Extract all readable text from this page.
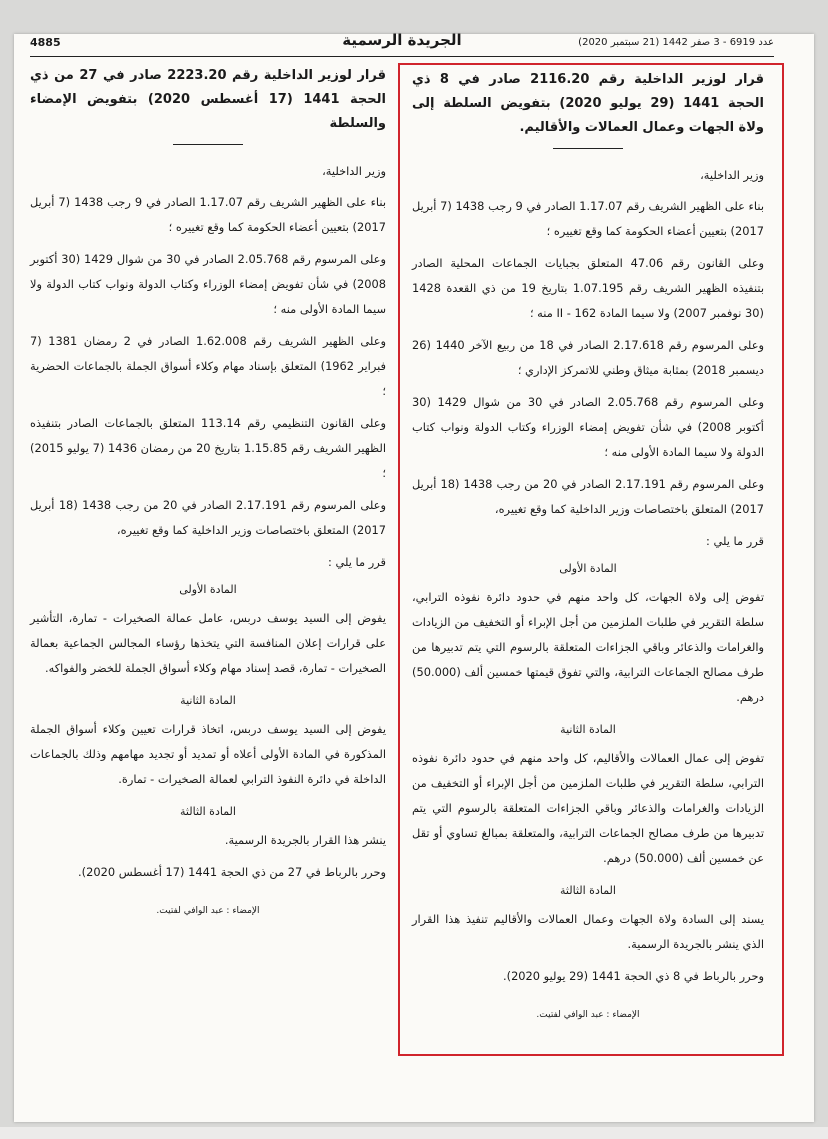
4885	الجريدة الرسمية	عدد 6919 - 3 صفر 1442 (21 سبتمبر 2020)
قرار لوزير الداخلية رقم 2116.20 صادر في 8 ذي الحجة 1441 (29 يوليو 2020) بتفويض السلطة إلى ولاة الجهات وعمال العمالات والأقاليم.

وزير الداخلية،

بناء على الظهير الشريف رقم 1.17.07 الصادر في 9 رجب 1438 (7 أبريل 2017) بتعيين أعضاء الحكومة كما وقع تغييره ؛

وعلى القانون رقم 47.06 المتعلق بجبايات الجماعات المحلية الصادر بتنفيذه الظهير الشريف رقم 1.07.195 بتاريخ 19 من ذي القعدة 1428 (30 نوفمبر 2007) ولا سيما المادة 162 - II منه ؛

وعلى المرسوم رقم 2.17.618 الصادر في 18 من ربيع الآخر 1440 (26 ديسمبر 2018) بمثابة ميثاق وطني للاتمركز الإداري ؛

وعلى المرسوم رقم 2.05.768 الصادر في 30 من شوال 1429 (30 أكتوبر 2008) في شأن تفويض إمضاء الوزراء وكتاب الدولة ونواب كتاب الدولة ولا سيما المادة الأولى منه ؛

وعلى المرسوم رقم 2.17.191 الصادر في 20 من رجب 1438 (18 أبريل 2017) المتعلق باختصاصات وزير الداخلية كما وقع تغييره،

قرر ما يلي :

المادة الأولى

تفوض إلى ولاة الجهات، كل واحد منهم في حدود دائرة نفوذه الترابي، سلطة التقرير في طلبات الملزمين من أجل الإبراء أو التخفيف من الزيادات والغرامات والذعائر وباقي الجزاءات المتعلقة بالرسوم التي يتم تدبيرها من طرف مصالح الجماعات الترابية، والتي تفوق قيمتها خمسين ألف (50.000) درهم.

المادة الثانية

تفوض إلى عمال العمالات والأقاليم، كل واحد منهم في حدود دائرة نفوذه الترابي، سلطة التقرير في طلبات الملزمين من أجل الإبراء أو التخفيف من الزيادات والغرامات والذعائر وباقي الجزاءات المتعلقة بالرسوم التي يتم تدبيرها من طرف مصالح الجماعات الترابية، والمتعلقة بمبالغ تساوي أو تقل عن خمسين ألف (50.000) درهم.

المادة الثالثة

يسند إلى السادة ولاة الجهات وعمال العمالات والأقاليم تنفيذ هذا القرار الذي ينشر بالجريدة الرسمية.

وحرر بالرباط في 8 ذي الحجة 1441 (29 يوليو 2020).

الإمضاء : عبد الوافي لفتيت.
قرار لوزير الداخلية رقم 2223.20 صادر في 27 من ذي الحجة 1441 (17 أغسطس 2020) بتفويض الإمضاء والسلطة

وزير الداخلية،

بناء على الظهير الشريف رقم 1.17.07 الصادر في 9 رجب 1438 (7 أبريل 2017) بتعيين أعضاء الحكومة كما وقع تغييره ؛

وعلى المرسوم رقم 2.05.768 الصادر في 30 من شوال 1429 (30 أكتوبر 2008) في شأن تفويض إمضاء الوزراء وكتاب الدولة ونواب كتاب الدولة ولا سيما المادة الأولى منه ؛

وعلى الظهير الشريف رقم 1.62.008 الصادر في 2 رمضان 1381 (7 فبراير 1962) المتعلق بإسناد مهام وكلاء أسواق الجملة بالجماعات الحضرية ؛

وعلى القانون التنظيمي رقم 113.14 المتعلق بالجماعات الصادر بتنفيذه الظهير الشريف رقم 1.15.85 بتاريخ 20 من رمضان 1436 (7 يوليو 2015) ؛

وعلى المرسوم رقم 2.17.191 الصادر في 20 من رجب 1438 (18 أبريل 2017) المتعلق باختصاصات وزير الداخلية كما وقع تغييره،

قرر ما يلي :

المادة الأولى

يفوض إلى السيد يوسف دربس، عامل عمالة الصخيرات - تمارة، التأشير على قرارات إعلان المنافسة التي يتخذها رؤساء المجالس الجماعية بعمالة الصخيرات - تمارة، قصد إسناد مهام وكلاء أسواق الجملة للخضر والفواكه.

المادة الثانية

يفوض إلى السيد يوسف دربس، اتخاذ قرارات تعيين وكلاء أسواق الجملة المذكورة في المادة الأولى أعلاه أو تمديد أو تجديد مهامهم وذلك بالجماعات الداخلة في دائرة النفوذ الترابي لعمالة الصخيرات - تمارة.

المادة الثالثة

ينشر هذا القرار بالجريدة الرسمية.

وحرر بالرباط في 27 من ذي الحجة 1441 (17 أغسطس 2020).

الإمضاء : عبد الوافي لفتيت.
